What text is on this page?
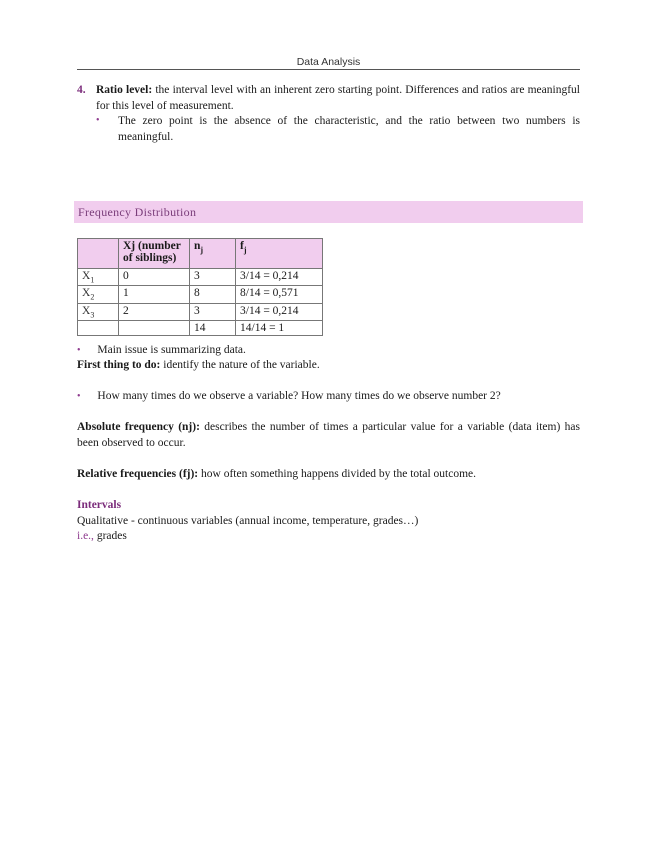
Data Analysis
4. Ratio level: the interval level with an inherent zero starting point. Differences and ratios are meaningful for this level of measurement.
• The zero point is the absence of the characteristic, and the ratio between two numbers is meaningful.
Frequency Distribution
	Xj (number of siblings)	$n_j$	$f_j$
$X_1$	0	3	3/14 = 0,214
$X_2$	1	8	8/14 = 0,571
$X_3$	2	3	3/14 = 0,214
		14	14/14 = 1
• Main issue is summarizing data.
First thing to do: identify the nature of the variable.
• How many times do we observe a variable? How many times do we observe number 2?
Absolute frequency (nj): describes the number of times a particular value for a variable (data item) has been observed to occur.
Relative frequencies (fj): how often something happens divided by the total outcome.
Intervals
Qualitative - continuous variables (annual income, temperature, grades…)
i.e., grades
